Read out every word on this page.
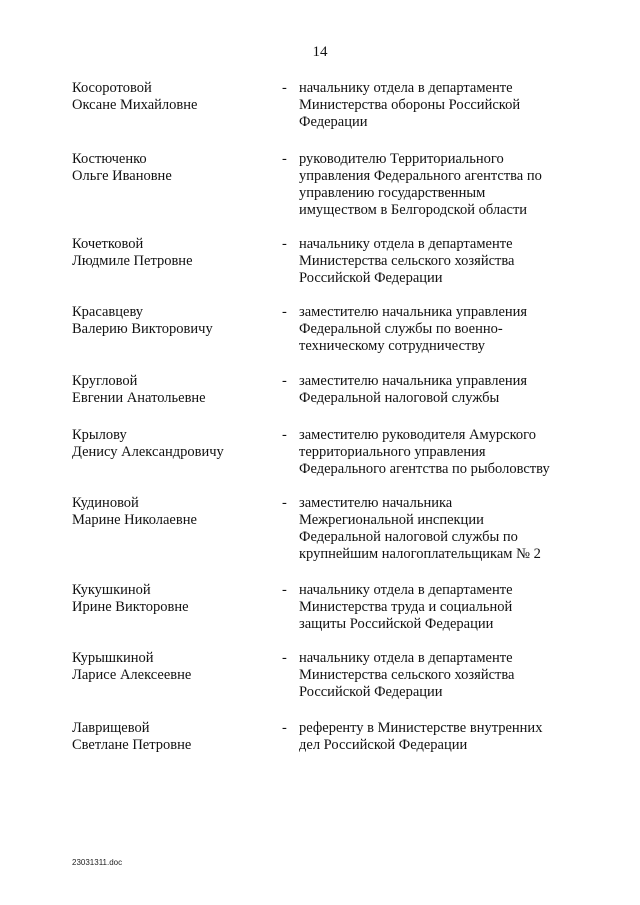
14
Косоротовой
Оксане Михайловне
- начальнику отдела в департаменте
Министерства обороны Российской
Федерации
Костюченко
Ольге Ивановне
- руководителю Территориального
управления Федерального агентства по
управлению государственным
имуществом в Белгородской области
Кочетковой
Людмиле Петровне
- начальнику отдела в департаменте
Министерства сельского хозяйства
Российской Федерации
Красавцеву
Валерию Викторовичу
- заместителю начальника управления
Федеральной службы по военно-
техническому сотрудничеству
Кругловой
Евгении Анатольевне
- заместителю начальника управления
Федеральной налоговой службы
Крылову
Денису Александровичу
- заместителю руководителя Амурского
территориального управления
Федерального агентства по рыболовству
Кудиновой
Марине Николаевне
- заместителю начальника
Межрегиональной инспекции
Федеральной налоговой службы по
крупнейшим налогоплательщикам № 2
Кукушкиной
Ирине Викторовне
- начальнику отдела в департаменте
Министерства труда и социальной
защиты Российской Федерации
Курышкиной
Ларисе Алексеевне
- начальнику отдела в департаменте
Министерства сельского хозяйства
Российской Федерации
Лаврищевой
Светлане Петровне
- референту в Министерстве внутренних
дел Российской Федерации
23031311.doc
